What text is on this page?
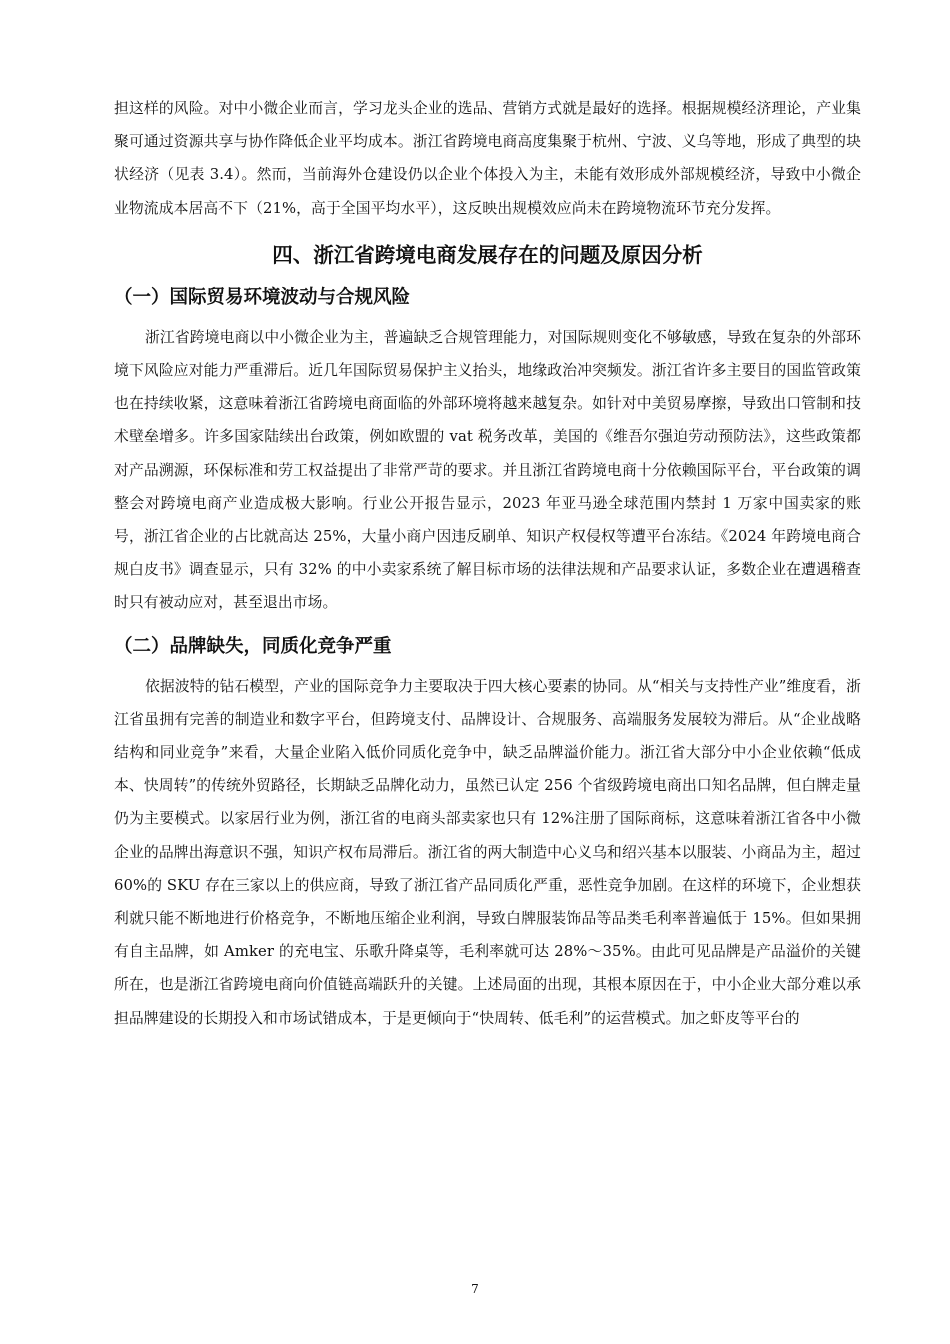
担这样的风险。对中小微企业而言，学习龙头企业的选品、营销方式就是最好的选择。根据规模经济理论，产业集聚可通过资源共享与协作降低企业平均成本。浙江省跨境电商高度集聚于杭州、宁波、义乌等地，形成了典型的块状经济（见表 3.4）。然而，当前海外仓建设仍以企业个体投入为主，未能有效形成外部规模经济，导致中小微企业物流成本居高不下（21%，高于全国平均水平），这反映出规模效应尚未在跨境物流环节充分发挥。

四、浙江省跨境电商发展存在的问题及原因分析
（一）国际贸易环境波动与合规风险

浙江省跨境电商以中小微企业为主，普遍缺乏合规管理能力，对国际规则变化不够敏感，导致在复杂的外部环境下风险应对能力严重滞后。近几年国际贸易保护主义抬头，地缘政治冲突频发。浙江省许多主要目的国监管政策也在持续收紧，这意味着浙江省跨境电商面临的外部环境将越来越复杂。如针对中美贸易摩擦，导致出口管制和技术壁垒增多。许多国家陆续出台政策，例如欧盟的 vat 税务改革，美国的《维吾尔强迫劳动预防法》，这些政策都对产品溯源，环保标准和劳工权益提出了非常严苛的要求。并且浙江省跨境电商十分依赖国际平台，平台政策的调整会对跨境电商产业造成极大影响。行业公开报告显示，2023 年亚马逊全球范围内禁封 1 万家中国卖家的账号，浙江省企业的占比就高达 25%，大量小商户因违反刷单、知识产权侵权等遭平台冻结。《2024 年跨境电商合规白皮书》调查显示，只有 32% 的中小卖家系统了解目标市场的法律法规和产品要求认证，多数企业在遭遇稽查时只有被动应对，甚至退出市场。

（二）品牌缺失，同质化竞争严重

依据波特的钻石模型，产业的国际竞争力主要取决于四大核心要素的协同。从“相关与支持性产业”维度看，浙江省虽拥有完善的制造业和数字平台，但跨境支付、品牌设计、合规服务、高端服务发展较为滞后。从“企业战略结构和同业竞争”来看，大量企业陷入低价同质化竞争中，缺乏品牌溢价能力。浙江省大部分中小企业依赖“低成本、快周转”的传统外贸路径，长期缺乏品牌化动力，虽然已认定 256 个省级跨境电商出口知名品牌，但白牌走量仍为主要模式。以家居行业为例，浙江省的电商头部卖家也只有 12%注册了国际商标，这意味着浙江省各中小微企业的品牌出海意识不强，知识产权布局滞后。浙江省的两大制造中心义乌和绍兴基本以服装、小商品为主，超过 60%的 SKU 存在三家以上的供应商，导致了浙江省产品同质化严重，恶性竞争加剧。在这样的环境下，企业想获利就只能不断地进行价格竞争，不断地压缩企业利润，导致白牌服装饰品等品类毛利率普遍低于 15%。但如果拥有自主品牌，如 Amker 的充电宝、乐歌升降桌等，毛利率就可达 28%～35%。由此可见品牌是产品溢价的关键所在，也是浙江省跨境电商向价值链高端跃升的关键。上述局面的出现，其根本原因在于，中小企业大部分难以承担品牌建设的长期投入和市场试错成本，于是更倾向于“快周转、低毛利”的运营模式。加之虾皮等平台的

7
